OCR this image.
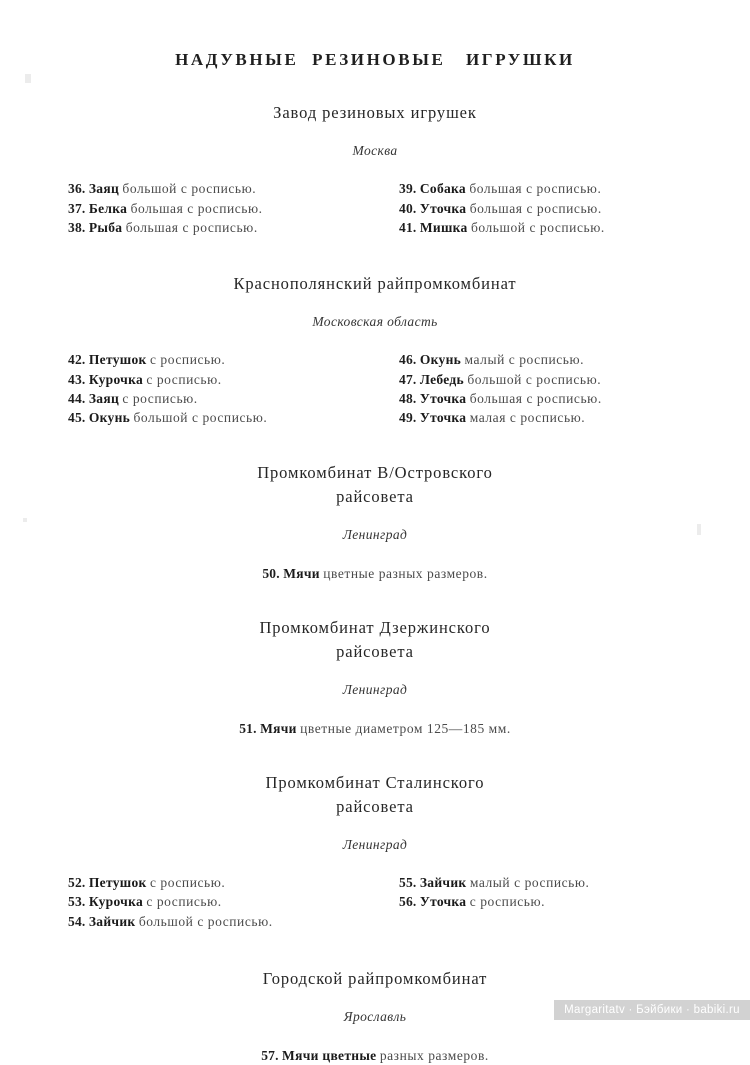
НАДУВНЫЕ  РЕЗИНОВЫЕ   ИГРУШКИ
Завод резиновых игрушек
Москва
36. Заяц большой с росписью.
37. Белка большая с росписью.
38. Рыба большая с росписью.
39. Собака большая с росписью.
40. Уточка большая с росписью.
41. Мишка большой с росписью.
Краснополянский райпромкомбинат
Московская область
42. Петушок с росписью.
43. Курочка с росписью.
44. Заяц с росписью.
45. Окунь большой с росписью.
46. Окунь малый с росписью.
47. Лебедь большой с росписью.
48. Уточка большая с росписью.
49. Уточка малая с росписью.
Промкомбинат В/Островского
райсовета
Ленинград
50. Мячи цветные разных размеров.
Промкомбинат Дзержинского
райсовета
Ленинград
51. Мячи цветные диаметром 125—185 мм.
Промкомбинат Сталинского
райсовета
Ленинград
52. Петушок с росписью.
53. Курочка с росписью.
54. Зайчик большой с росписью.
55. Зайчик малый с росписью.
56. Уточка с росписью.
Городской райпромкомбинат
Ярославль
57. Мячи цветные разных размеров.
Margaritatv · Бэйбики · babiki.ru
